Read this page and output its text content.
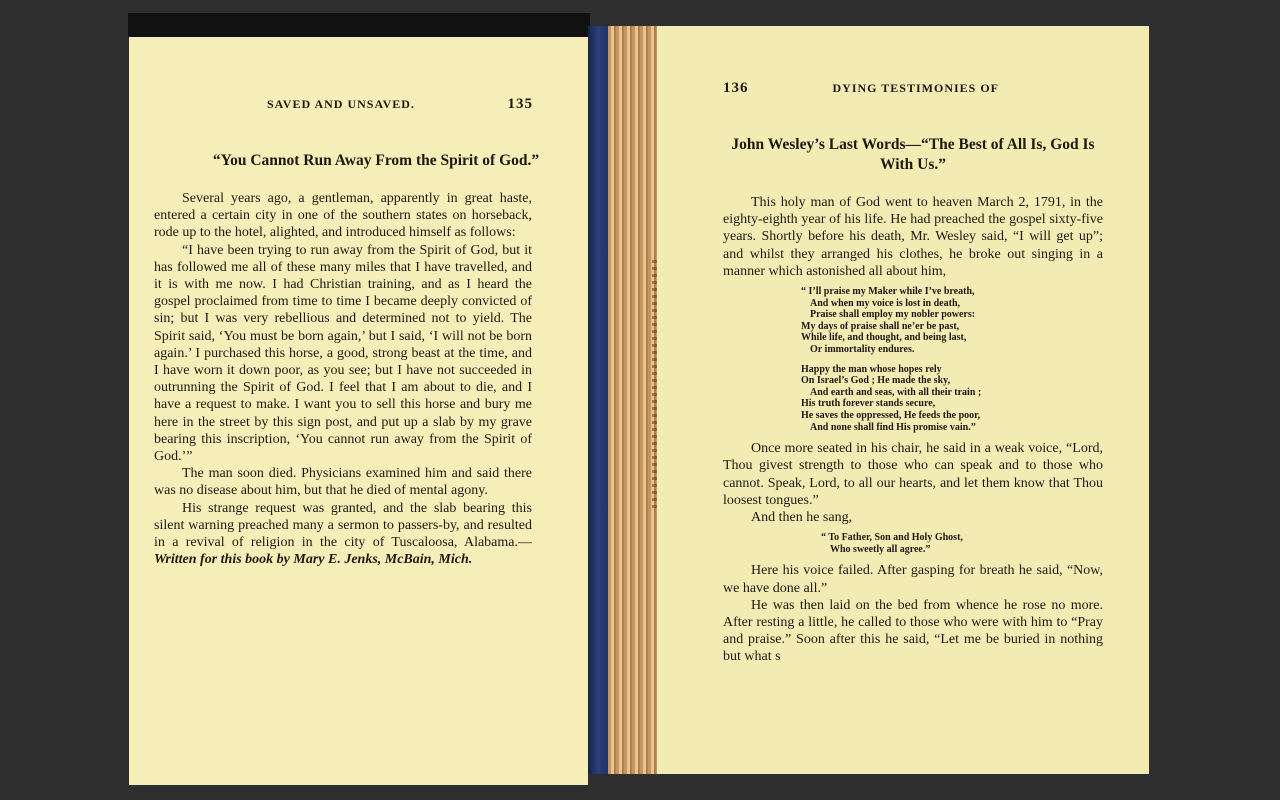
SAVED AND UNSAVED.	135
“You Cannot Run Away From the Spirit of God.”

Several years ago, a gentleman, apparently in great haste, entered a certain city in one of the southern states on horseback, rode up to the hotel, alighted, and introduced himself as follows:

“I have been trying to run away from the Spirit of God, but it has followed me all of these many miles that I have travelled, and it is with me now. I had Christian training, and as I heard the gospel proclaimed from time to time I became deeply convicted of sin; but I was very rebellious and determined not to yield. The Spirit said, ‘You must be born again,’ but I said, ‘I will not be born again.’ I purchased this horse, a good, strong beast at the time, and I have worn it down poor, as you see; but I have not succeeded in outrunning the Spirit of God. I feel that I am about to die, and I have a request to make. I want you to sell this horse and bury me here in the street by this sign post, and put up a slab by my grave bearing this inscription, ‘You cannot run away from the Spirit of God.’”

The man soon died. Physicians examined him and said there was no disease about him, but that he died of mental agony.

His strange request was granted, and the slab bearing this silent warning preached many a sermon to passers-by, and resulted in a revival of religion in the city of Tuscaloosa, Alabama.—Written for this book by Mary E. Jenks, McBain, Mich.

136	DYING TESTIMONIES OF
John Wesley’s Last Words—“The Best of All Is, God Is With Us.”

This holy man of God went to heaven March 2, 1791, in the eighty-eighth year of his life. He had preached the gospel sixty-five years. Shortly before his death, Mr. Wesley said, “I will get up”; and whilst they arranged his clothes, he broke out singing in a manner which astonished all about him,

“ I’ll praise my Maker while I’ve breath,
And when my voice is lost in death,
Praise shall employ my nobler powers:
My days of praise shall ne’er be past,
While life, and thought, and being last,
Or immortality endures.
Happy the man whose hopes rely
On Israel’s God ; He made the sky,
And earth and seas, with all their train ;
His truth forever stands secure,
He saves the oppressed, He feeds the poor,
And none shall find His promise vain.”

Once more seated in his chair, he said in a weak voice, “Lord, Thou givest strength to those who can speak and to those who cannot. Speak, Lord, to all our hearts, and let them know that Thou loosest tongues.”

And then he sang,

“ To Father, Son and Holy Ghost,
Who sweetly all agree.”

Here his voice failed. After gasping for breath he said, “Now, we have done all.”

He was then laid on the bed from whence he rose no more. After resting a little, he called to those who were with him to “Pray and praise.” Soon after this he said, “Let me be buried in nothing but what s
